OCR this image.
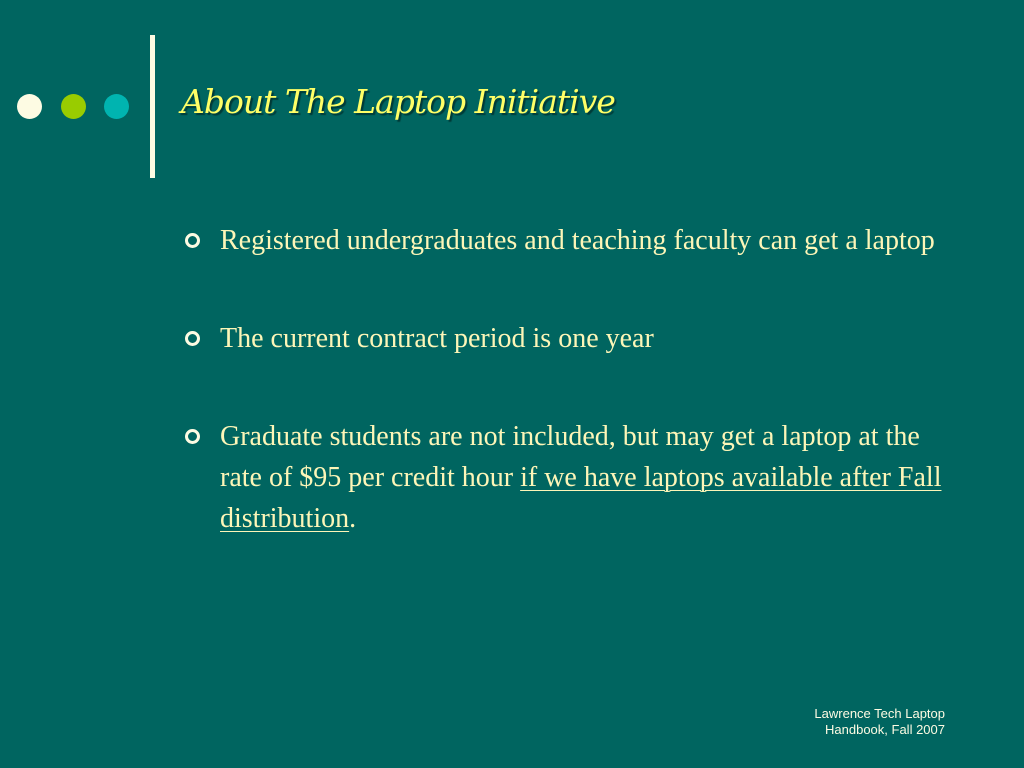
About The Laptop Initiative
Registered undergraduates and teaching faculty can get a laptop
The current contract period is one year
Graduate students are not included, but may get a laptop at the rate of $95 per credit hour if we have laptops available after Fall distribution.
Lawrence Tech Laptop
Handbook, Fall 2007
